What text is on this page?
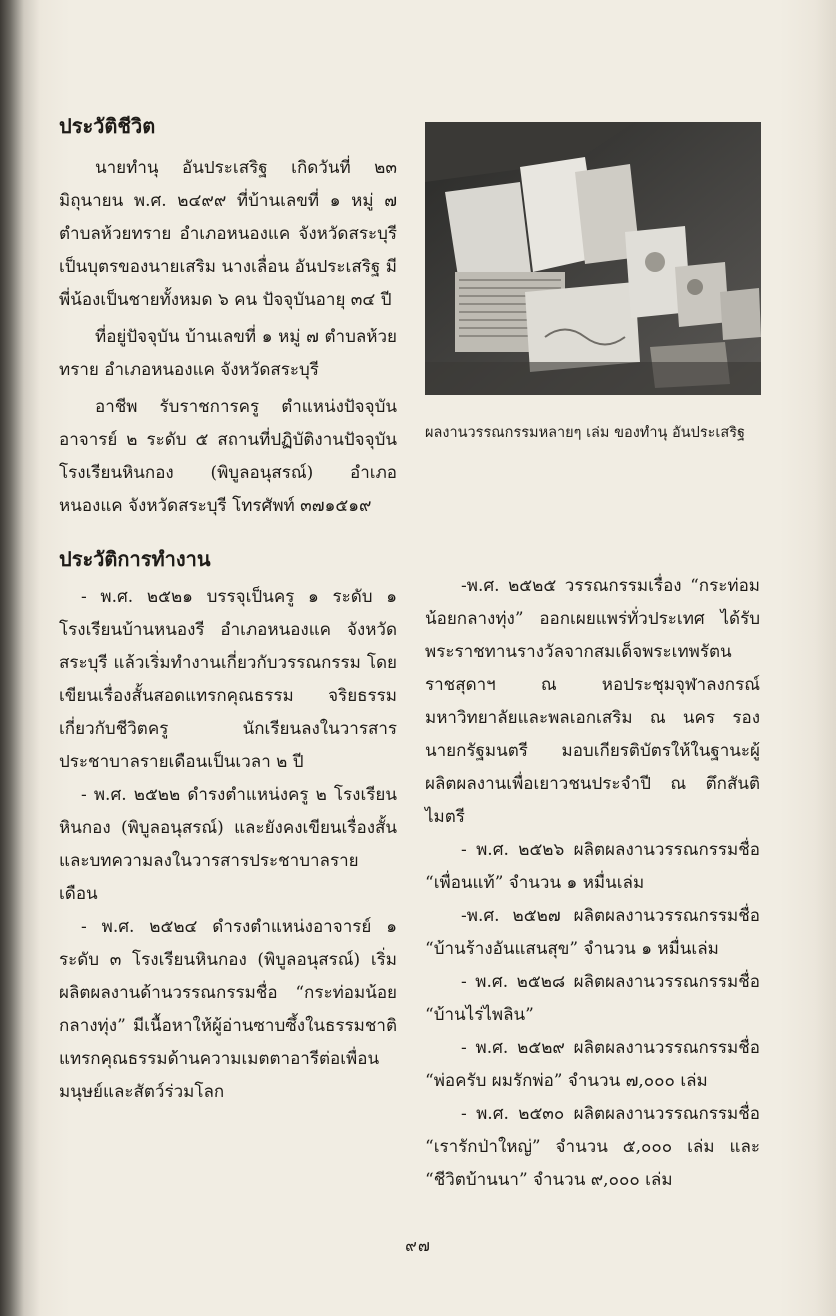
ประวัติชีวิต

นายทำนุ อันประเสริฐ เกิดวันที่ ๒๓ มิถุนายน พ.ศ. ๒๔๙๙ ที่บ้านเลขที่ ๑ หมู่ ๗ ตำบลห้วยทราย อำเภอหนองแค จังหวัดสระบุรี เป็นบุตรของนายเสริม นางเลื่อน อันประเสริฐ มีพี่น้องเป็นชายทั้งหมด ๖ คน ปัจจุบันอายุ ๓๔ ปี

ที่อยู่ปัจจุบัน บ้านเลขที่ ๑ หมู่ ๗ ตำบลห้วยทราย อำเภอหนองแค จังหวัดสระบุรี

อาชีพ รับราชการครู ตำแหน่งปัจจุบัน อาจารย์ ๒ ระดับ ๕ สถานที่ปฏิบัติงานปัจจุบัน โรงเรียนหินกอง (พิบูลอนุสรณ์) อำเภอหนองแค จังหวัดสระบุรี โทรศัพท์ ๓๗๑๕๑๙

ประวัติการทำงาน

- พ.ศ. ๒๕๒๑ บรรจุเป็นครู ๑ ระดับ ๑ โรงเรียนบ้านหนองรี อำเภอหนองแค จังหวัดสระบุรี แล้วเริ่มทำงานเกี่ยวกับวรรณกรรม โดยเขียนเรื่องสั้นสอดแทรกคุณธรรม จริยธรรมเกี่ยวกับชีวิตครู นักเรียนลงในวารสารประชาบาลรายเดือนเป็นเวลา ๒ ปี

- พ.ศ. ๒๕๒๒ ดำรงตำแหน่งครู ๒ โรงเรียนหินกอง (พิบูลอนุสรณ์) และยังคงเขียนเรื่องสั้นและบทความลงในวารสารประชาบาลรายเดือน

- พ.ศ. ๒๕๒๔ ดำรงตำแหน่งอาจารย์ ๑ ระดับ ๓ โรงเรียนหินกอง (พิบูลอนุสรณ์) เริ่มผลิตผลงานด้านวรรณกรรมชื่อ “กระท่อมน้อยกลางทุ่ง” มีเนื้อหาให้ผู้อ่านซาบซึ้งในธรรมชาติแทรกคุณธรรมด้านความเมตตาอารีต่อเพื่อนมนุษย์และสัตว์ร่วมโลก

ผลงานวรรณกรรมหลายๆ เล่ม ของทำนุ อันประเสริฐ

-พ.ศ. ๒๕๒๕ วรรณกรรมเรื่อง “กระท่อมน้อยกลางทุ่ง” ออกเผยแพร่ทั่วประเทศ ได้รับพระราชทานรางวัลจากสมเด็จพระเทพรัตนราชสุดาฯ ณ หอประชุมจุฬาลงกรณ์มหาวิทยาลัยและพลเอกเสริม ณ นคร รองนายกรัฐมนตรี มอบเกียรติบัตรให้ในฐานะผู้ผลิตผลงานเพื่อเยาวชนประจำปี ณ ตึกสันติไมตรี

- พ.ศ. ๒๕๒๖ ผลิตผลงานวรรณกรรมชื่อ “เพื่อนแท้” จำนวน ๑ หมื่นเล่ม

-พ.ศ. ๒๕๒๗ ผลิตผลงานวรรณกรรมชื่อ “บ้านร้างอันแสนสุข” จำนวน ๑ หมื่นเล่ม

- พ.ศ. ๒๕๒๘ ผลิตผลงานวรรณกรรมชื่อ “บ้านไร่ไพลิน”

- พ.ศ. ๒๕๒๙ ผลิตผลงานวรรณกรรมชื่อ “พ่อครับ ผมรักพ่อ” จำนวน ๗,๐๐๐ เล่ม

- พ.ศ. ๒๕๓๐ ผลิตผลงานวรรณกรรมชื่อ “เรารักป่าใหญ่” จำนวน ๕,๐๐๐ เล่ม และ “ชีวิตบ้านนา” จำนวน ๙,๐๐๐ เล่ม

๙๗
